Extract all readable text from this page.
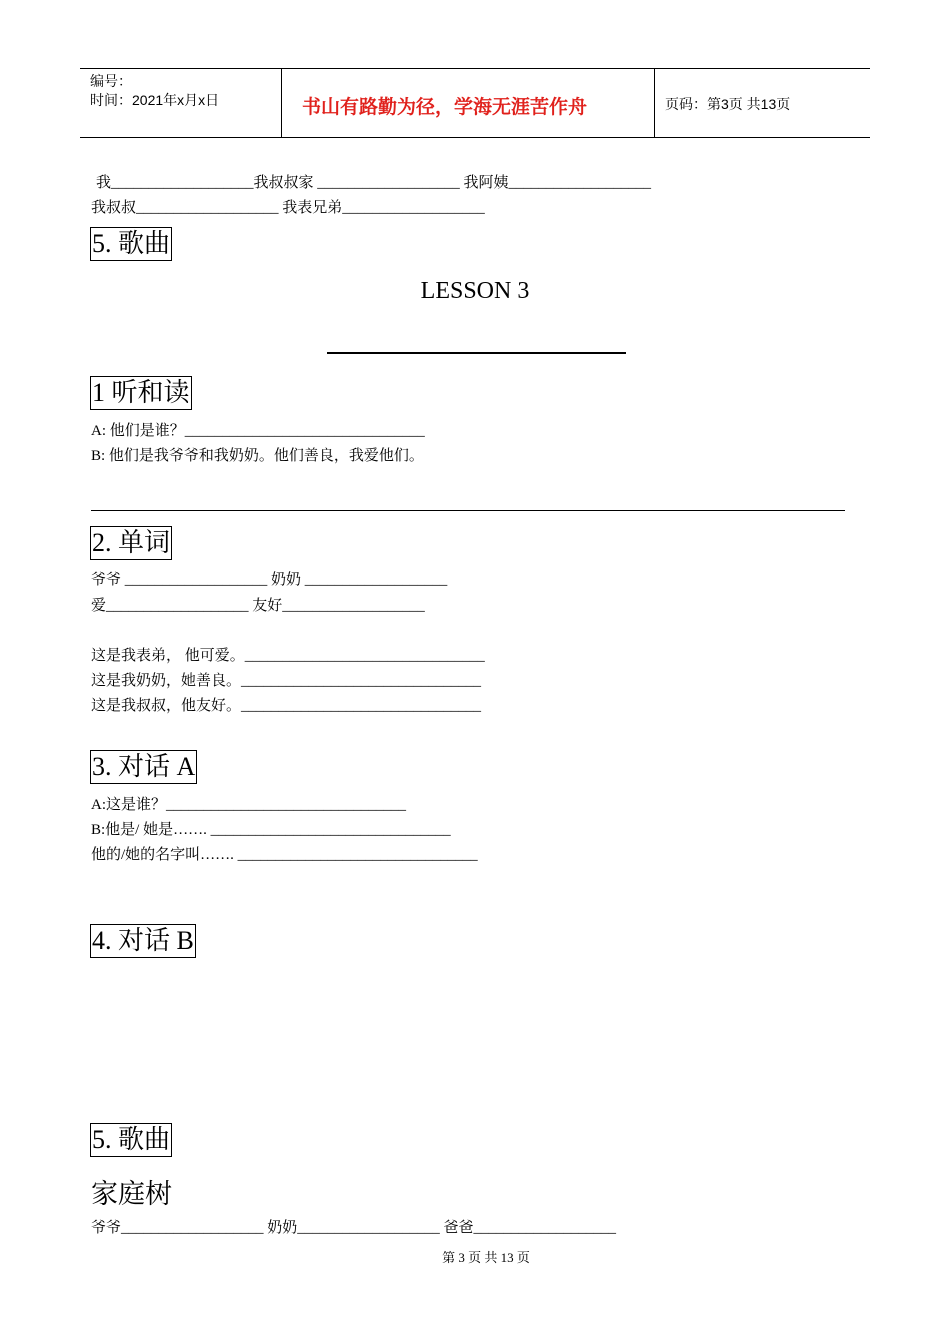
编号：
时间：2021年x月x日	书山有路勤为径，学海无涯苦作舟	页码：第3页 共13页
我___________________我叔叔家 ___________________ 我阿姨___________________
我叔叔___________________ 我表兄弟___________________
5. 歌曲
LESSON 3
1 听和读
A: 他们是谁？________________________________
B: 他们是我爷爷和我奶奶。他们善良，我爱他们。
2. 单词
爷爷 ___________________ 奶奶 ___________________
爱___________________ 友好___________________
这是我表弟， 他可爱。________________________________
这是我奶奶，她善良。________________________________
这是我叔叔，他友好。________________________________
3. 对话 A
A:这是谁？________________________________
B:他是/ 她是……. ________________________________
他的/她的名字叫……. ________________________________
4. 对话 B
5. 歌曲
家庭树
爷爷___________________ 奶奶___________________ 爸爸___________________
第 3 页 共 13 页
